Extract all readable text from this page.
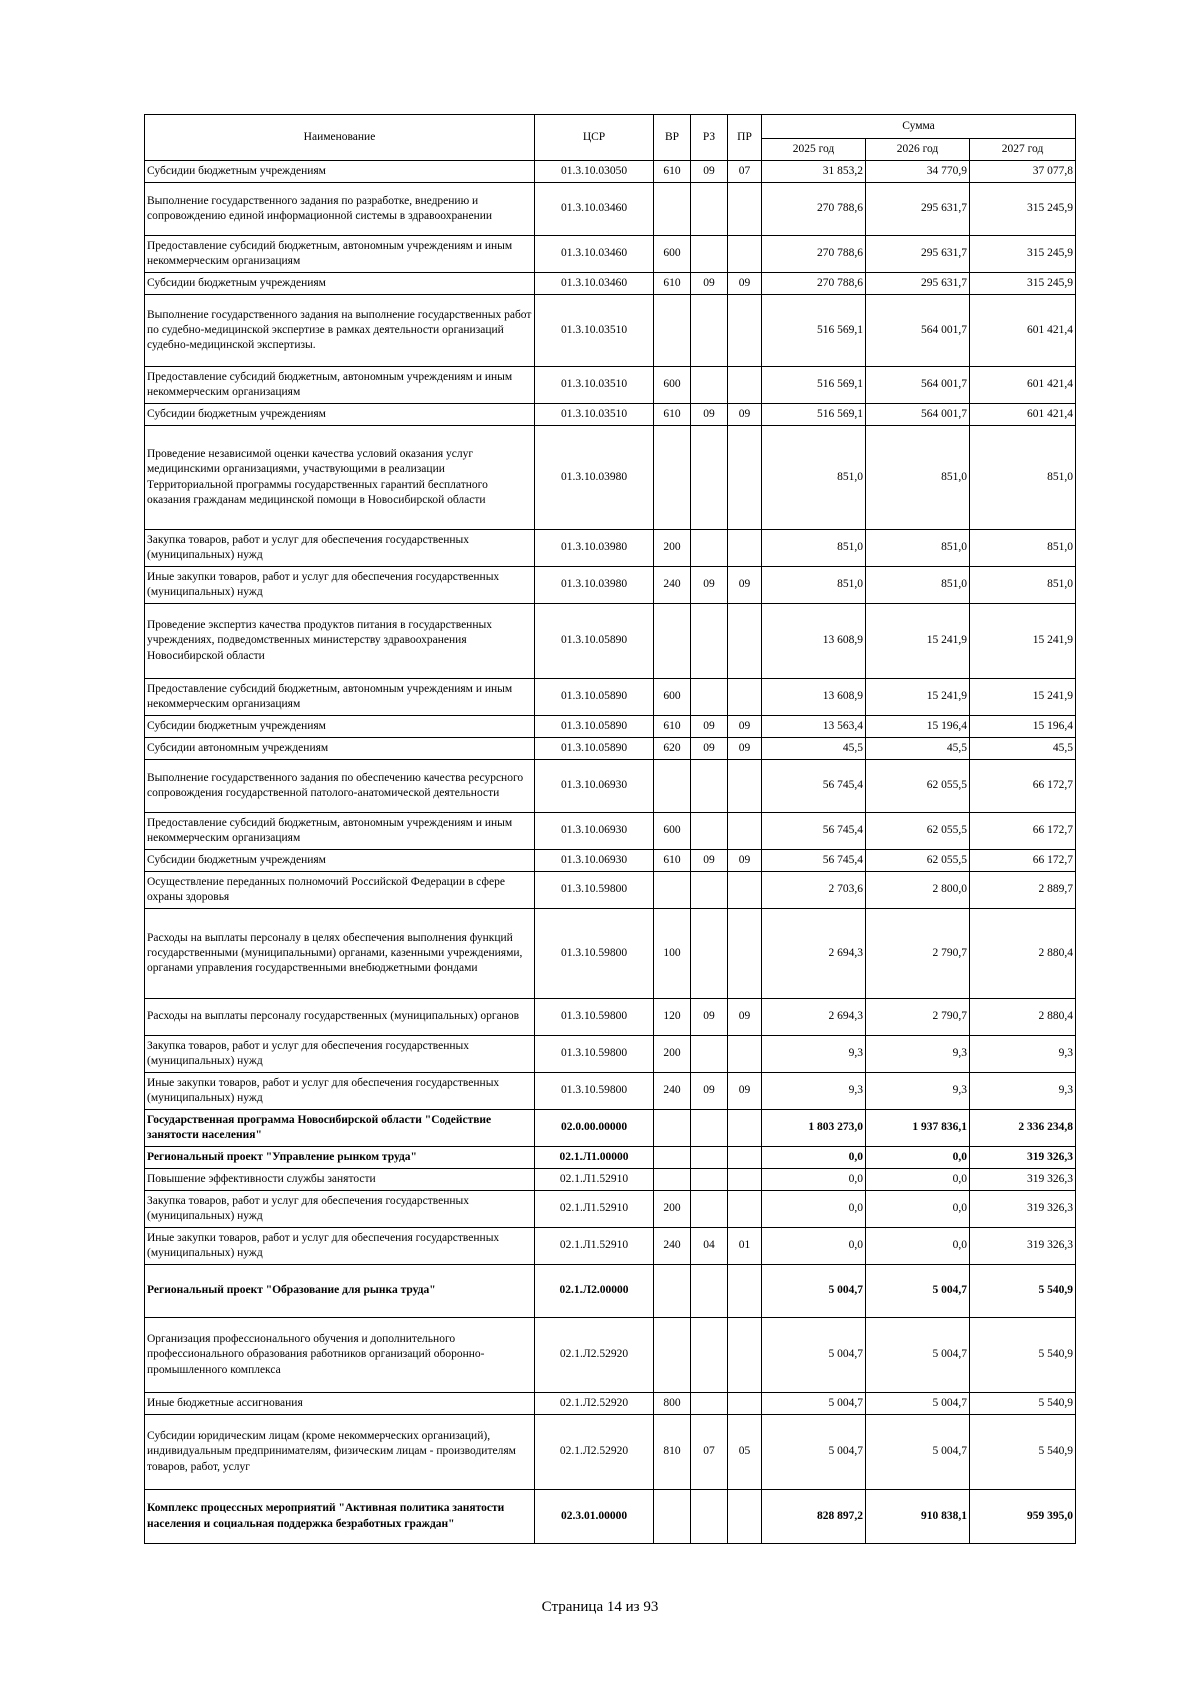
Наименование	ЦСР	ВР	РЗ	ПР	Сумма		
					2025 год	2026 год	2027 год
Субсидии бюджетным учреждениям	01.3.10.03050	610	09	07	31 853,2	34 770,9	37 077,8
Выполнение государственного задания по разработке, внедрению и сопровождению единой информационной системы в здравоохранении	01.3.10.03460				270 788,6	295 631,7	315 245,9
Предоставление субсидий бюджетным, автономным учреждениям и иным некоммерческим организациям	01.3.10.03460	600			270 788,6	295 631,7	315 245,9
Субсидии бюджетным учреждениям	01.3.10.03460	610	09	09	270 788,6	295 631,7	315 245,9
Выполнение государственного задания на выполнение государственных работ по судебно-медицинской экспертизе в рамках деятельности организаций судебно-медицинской экспертизы.	01.3.10.03510				516 569,1	564 001,7	601 421,4
Предоставление субсидий бюджетным, автономным учреждениям и иным некоммерческим организациям	01.3.10.03510	600			516 569,1	564 001,7	601 421,4
Субсидии бюджетным учреждениям	01.3.10.03510	610	09	09	516 569,1	564 001,7	601 421,4
Проведение независимой оценки качества условий оказания услуг медицинскими организациями, участвующими в реализации Территориальной программы государственных гарантий бесплатного оказания гражданам медицинской помощи в Новосибирской области	01.3.10.03980				851,0	851,0	851,0
Закупка товаров, работ и услуг для обеспечения государственных (муниципальных) нужд	01.3.10.03980	200			851,0	851,0	851,0
Иные закупки товаров, работ и услуг для обеспечения государственных (муниципальных) нужд	01.3.10.03980	240	09	09	851,0	851,0	851,0
Проведение экспертиз качества продуктов питания в государственных учреждениях, подведомственных министерству здравоохранения Новосибирской области	01.3.10.05890				13 608,9	15 241,9	15 241,9
Предоставление субсидий бюджетным, автономным учреждениям и иным некоммерческим организациям	01.3.10.05890	600			13 608,9	15 241,9	15 241,9
Субсидии бюджетным учреждениям	01.3.10.05890	610	09	09	13 563,4	15 196,4	15 196,4
Субсидии автономным учреждениям	01.3.10.05890	620	09	09	45,5	45,5	45,5
Выполнение государственного задания по обеспечению качества ресурсного сопровождения государственной патолого-анатомической деятельности	01.3.10.06930				56 745,4	62 055,5	66 172,7
Предоставление субсидий бюджетным, автономным учреждениям и иным некоммерческим организациям	01.3.10.06930	600			56 745,4	62 055,5	66 172,7
Субсидии бюджетным учреждениям	01.3.10.06930	610	09	09	56 745,4	62 055,5	66 172,7
Осуществление переданных полномочий Российской Федерации в сфере охраны здоровья	01.3.10.59800				2 703,6	2 800,0	2 889,7
Расходы на выплаты персоналу в целях обеспечения выполнения функций государственными (муниципальными) органами, казенными учреждениями, органами управления государственными внебюджетными фондами	01.3.10.59800	100			2 694,3	2 790,7	2 880,4
Расходы на выплаты персоналу государственных (муниципальных) органов	01.3.10.59800	120	09	09	2 694,3	2 790,7	2 880,4
Закупка товаров, работ и услуг для обеспечения государственных (муниципальных) нужд	01.3.10.59800	200			9,3	9,3	9,3
Иные закупки товаров, работ и услуг для обеспечения государственных (муниципальных) нужд	01.3.10.59800	240	09	09	9,3	9,3	9,3
Государственная программа Новосибирской области "Содействие занятости населения"	02.0.00.00000				1 803 273,0	1 937 836,1	2 336 234,8
Региональный проект "Управление рынком труда"	02.1.Л1.00000				0,0	0,0	319 326,3
Повышение эффективности службы занятости	02.1.Л1.52910				0,0	0,0	319 326,3
Закупка товаров, работ и услуг для обеспечения государственных (муниципальных) нужд	02.1.Л1.52910	200			0,0	0,0	319 326,3
Иные закупки товаров, работ и услуг для обеспечения государственных (муниципальных) нужд	02.1.Л1.52910	240	04	01	0,0	0,0	319 326,3
Региональный проект "Образование для рынка труда"	02.1.Л2.00000				5 004,7	5 004,7	5 540,9
Организация профессионального обучения и дополнительного профессионального образования работников организаций оборонно-промышленного комплекса	02.1.Л2.52920				5 004,7	5 004,7	5 540,9
Иные бюджетные ассигнования	02.1.Л2.52920	800			5 004,7	5 004,7	5 540,9
Субсидии юридическим лицам (кроме некоммерческих организаций), индивидуальным предпринимателям, физическим лицам - производителям товаров, работ, услуг	02.1.Л2.52920	810	07	05	5 004,7	5 004,7	5 540,9
Комплекс процессных мероприятий "Активная политика занятости населения и социальная поддержка безработных граждан"	02.3.01.00000				828 897,2	910 838,1	959 395,0
Страница 14 из 93
